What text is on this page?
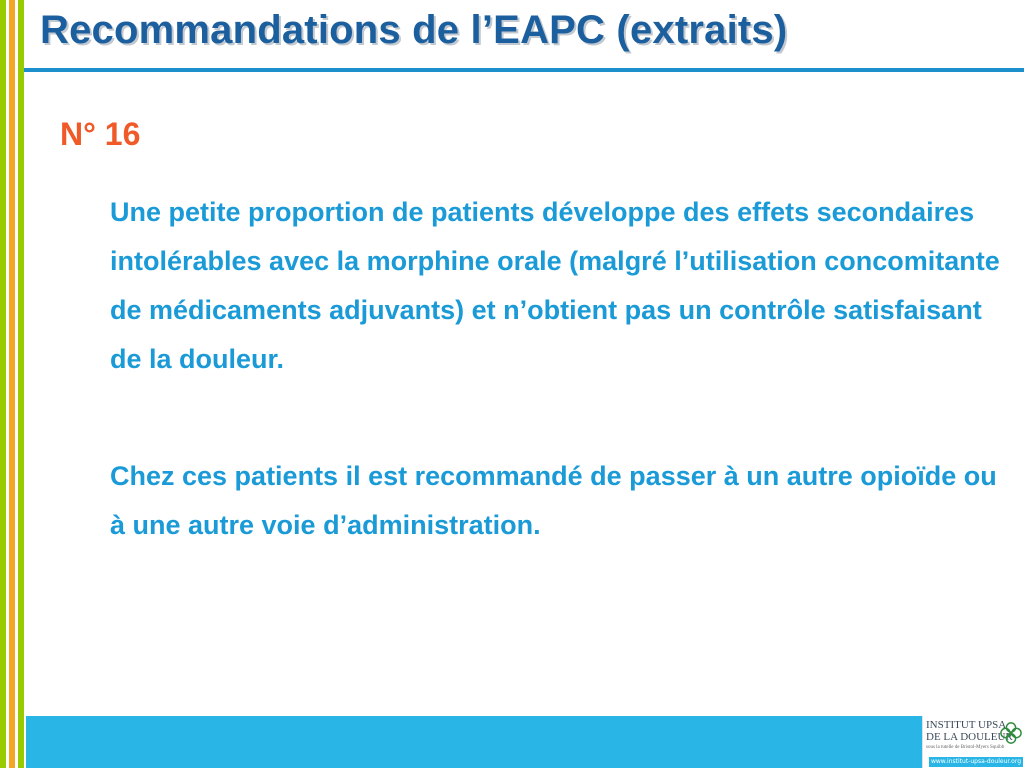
Recommandations de l’EAPC (extraits)
N° 16

Une petite proportion de patients développe des effets secondaires intolérables avec la morphine orale (malgré l’utilisation concomitante de médicaments adjuvants) et n’obtient pas un contrôle satisfaisant de la douleur.

Chez ces patients il est recommandé de passer à un autre opioïde ou à une autre voie d’administration.

INSTITUT UPSA
DE LA DOULEUR
sous la tutelle de Bristol-Myers Squibb
www.institut-upsa-douleur.org
